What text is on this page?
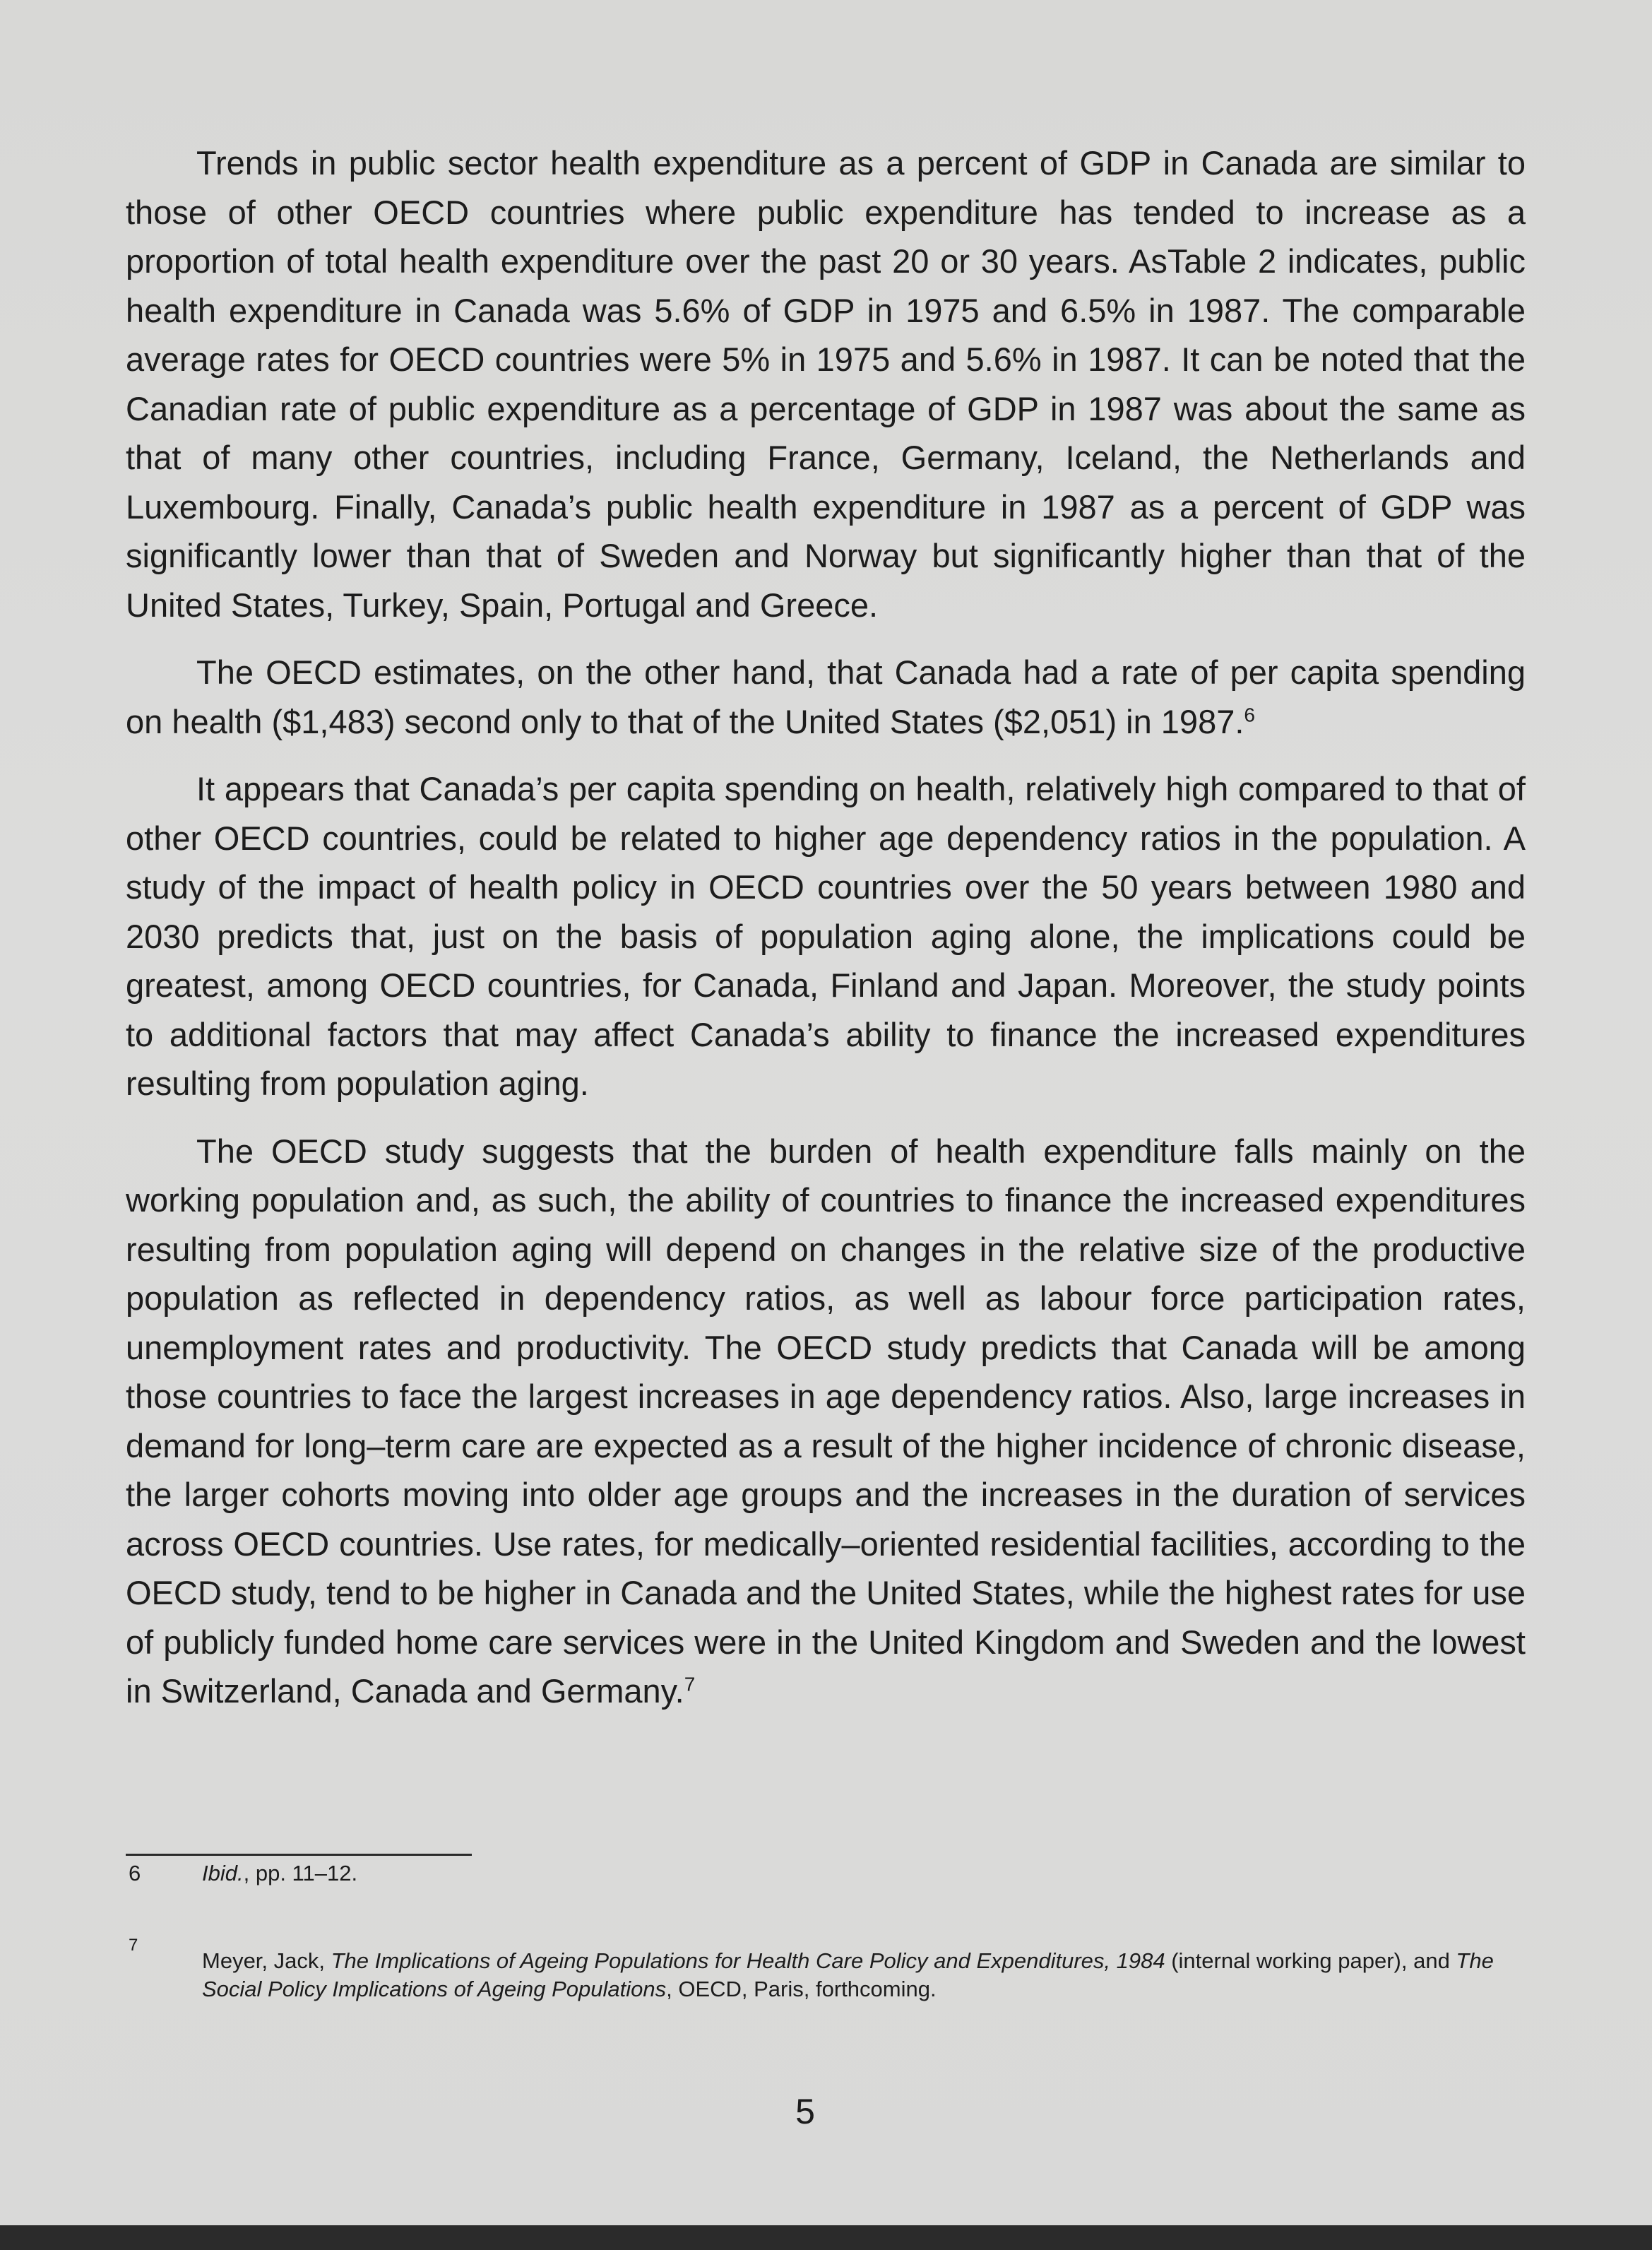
Trends in public sector health expenditure as a percent of GDP in Canada are similar to those of other OECD countries where public expenditure has tended to increase as a proportion of total health expenditure over the past 20 or 30 years. AsTable 2 indicates, public health expenditure in Canada was 5.6% of GDP in 1975 and 6.5% in 1987. The comparable average rates for OECD countries were 5% in 1975 and 5.6% in 1987. It can be noted that the Canadian rate of public expenditure as a percentage of GDP in 1987 was about the same as that of many other countries, including France, Germany, Iceland, the Netherlands and Luxembourg. Finally, Canada’s public health expenditure in 1987 as a percent of GDP was significantly lower than that of Sweden and Norway but significantly higher than that of the United States, Turkey, Spain, Portugal and Greece.

The OECD estimates, on the other hand, that Canada had a rate of per capita spending on health ($1,483) second only to that of the United States ($2,051) in 1987.$^6$

It appears that Canada’s per capita spending on health, relatively high compared to that of other OECD countries, could be related to higher age dependency ratios in the population. A study of the impact of health policy in OECD countries over the 50 years between 1980 and 2030 predicts that, just on the basis of population aging alone, the implications could be greatest, among OECD countries, for Canada, Finland and Japan. Moreover, the study points to additional factors that may affect Canada’s ability to finance the increased expenditures resulting from population aging.

The OECD study suggests that the burden of health expenditure falls mainly on the working population and, as such, the ability of countries to finance the increased expenditures resulting from population aging will depend on changes in the relative size of the productive population as reflected in dependency ratios, as well as labour force participation rates, unemployment rates and productivity. The OECD study predicts that Canada will be among those countries to face the largest increases in age dependency ratios. Also, large increases in demand for long–term care are expected as a result of the higher incidence of chronic disease, the larger cohorts moving into older age groups and the increases in the duration of services across OECD countries. Use rates, for medically–oriented residential facilities, according to the OECD study, tend to be higher in Canada and the United States, while the highest rates for use of publicly funded home care services were in the United Kingdom and Sweden and the lowest in Switzerland, Canada and Germany.$^7$

6	Ibid., pp. 11–12.
7
Meyer, Jack, The Implications of Ageing Populations for Health Care Policy and Expenditures, 1984 (internal working paper), and The Social Policy Implications of Ageing Populations, OECD, Paris, forthcoming.
5
